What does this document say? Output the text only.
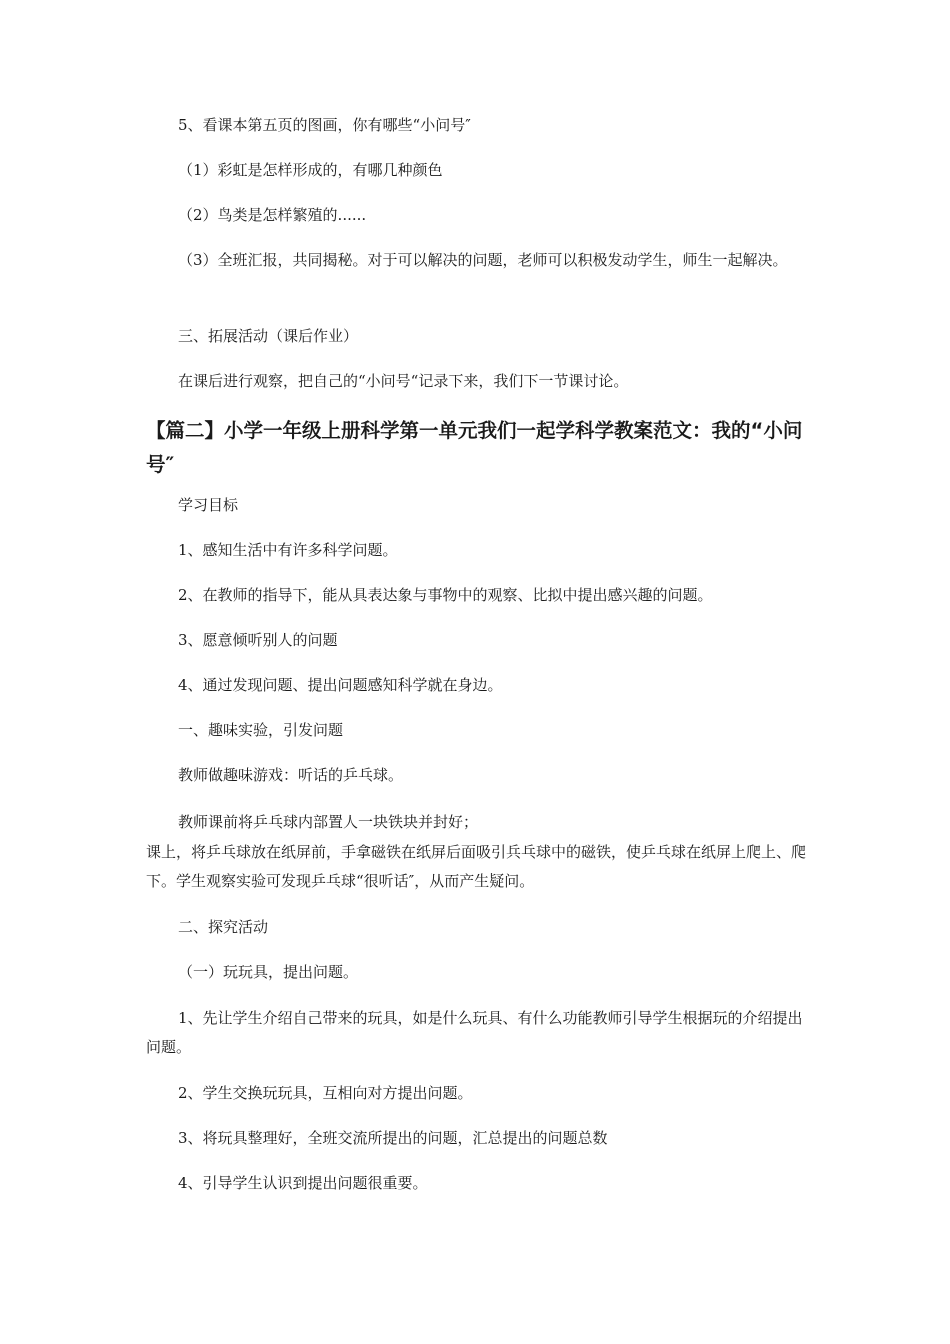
5、看课本第五页的图画，你有哪些“小问号″

（1）彩虹是怎样形成的，有哪几种颜色

（2）鸟类是怎样繁殖的......

（3）全班汇报，共同揭秘。对于可以解决的问题，老师可以积极发动学生，师生一起解决。

三、拓展活动（课后作业）

在课后进行观察，把自己的“小问号“记录下来，我们下一节课讨论。

【篇二】小学一年级上册科学第一单元我们一起学科学教案范文：我的“小问号″

学习目标

1、感知生活中有许多科学问题。

2、在教师的指导下，能从具表达象与事物中的观察、比拟中提出感兴趣的问题。

3、愿意倾听别人的问题

4、通过发现问题、提出问题感知科学就在身边。

一、趣味实验，引发问题

教师做趣味游戏：听话的乒乓球。

教师课前将乒乓球内部置人一块铁块并封好；

课上，将乒乓球放在纸屏前，手拿磁铁在纸屏后面吸引兵乓球中的磁铁，使乒乓球在纸屏上爬上、爬下。学生观察实验可发现乒乓球“很听话″，从而产生疑问。

二、探究活动

（一）玩玩具，提出问题。

1、先让学生介绍自己带来的玩具，如是什么玩具、有什么功能教师引导学生根据玩的介绍提出问题。

2、学生交换玩玩具，互相向对方提出问题。

3、将玩具整理好，全班交流所提出的问题，汇总提出的问题总数

4、引导学生认识到提出问题很重要。
